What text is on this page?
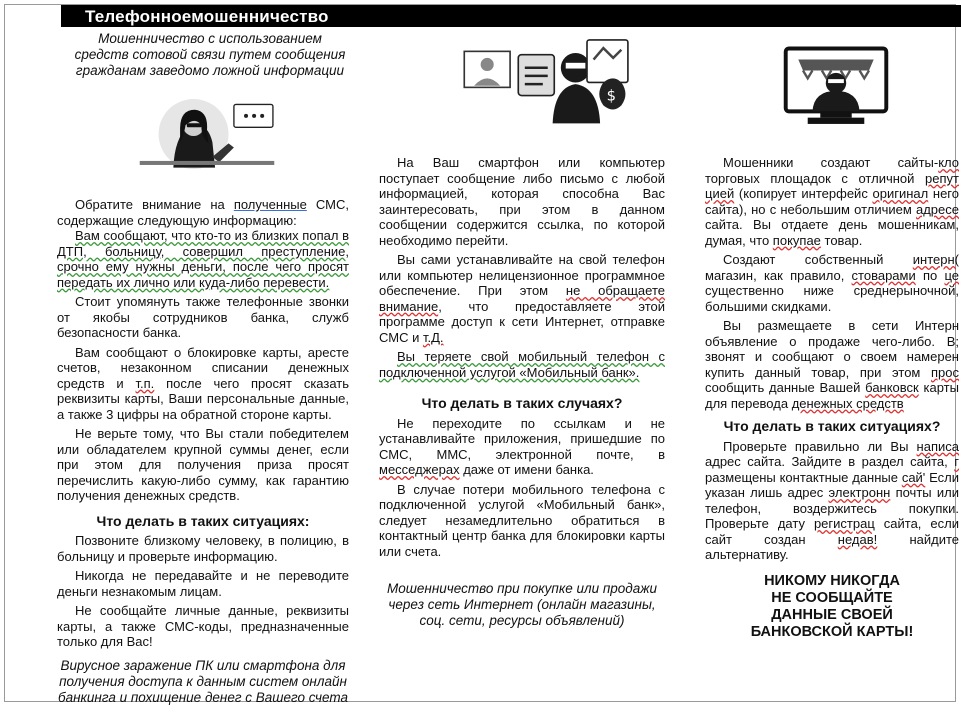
Телефонноемошенничество

Мошенничество с использованием средств сотовой связи путем сообщения гражданам заведомо ложной информации

Обратите внимание на полученные СМС, содержащие следующую информацию:

Вам сообщают, что кто-то из близких попал в ДТП, больницу, совершил преступление, срочно ему нужны деньги, после чего просят передать их лично или куда-либо перевести.

Стоит упомянуть также телефонные звонки от якобы сотрудников банка, служб безопасности банка.

Вам сообщают о блокировке карты, аресте счетов, незаконном списании денежных средств и т.п. после чего просят сказать реквизиты карты, Ваши персональные данные, а также 3 цифры на обратной стороне карты.

Не верьте тому, что Вы стали победителем или обладателем крупной суммы денег, если при этом для получения приза просят перечислить какую-либо сумму, как гарантию получения денежных средств.

Что делать в таких ситуациях:

Позвоните близкому человеку, в полицию, в больницу и проверьте информацию.

Никогда не передавайте и не переводите деньги незнакомым лицам.

Не сообщайте личные данные, реквизиты карты, а также СМС-коды, предназначенные только для Вас!

Вирусное заражение ПК или смартфона для получения доступа к данным систем онлайн банкинга и похищение денег с Вашего счета

$

На Ваш смартфон или компьютер поступает сообщение либо письмо с любой информацией, которая способна Вас заинтересовать, при этом в данном сообщении содержится ссылка, по которой необходимо перейти.

Вы сами устанавливайте на свой телефон или компьютер нелицензионное программное обеспечение. При этом не обращаете внимание, что предоставляете этой программе доступ к сети Интернет, отправке СМС и т.Д.

Вы теряете свой мобильный телефон с подключенной услугой «Мобильный банк».

Что делать в таких случаях?

Не переходите по ссылкам и не устанавливайте приложения, пришедшие по СМС, ММС, электронной почте, в месседжерах даже от имени банка.

В случае потери мобильного телефона с подключенной услугой «Мобильный банк», следует незамедлительно обратиться в контактный центр банка для блокировки карты или счета.

Мошенничество при покупке или продажи через сеть Интернет (онлайн магазины, соц. сети, ресурсы объявлений)

Мошенники создают сайты-кло торговых площадок с отличной репут цией (копирует интерфейс оригинал него сайта), но с небольшим отличием адресе сайта. Вы отдаете день мошенникам, думая, что покупае товар.

Создают собственный интерн( магазин, как правило, стоварами по це существенно ниже среднерыночной, большими скидками.

Вы размещаете в сети Интерн объявление о продаже чего-либо. В; звонят и сообщают о своем намерен купить данный товар, при этом прос сообщить данные Вашей банковск карты для перевода денежных средств

Что делать в таких ситуациях?

Проверьте правильно ли Вы написа адрес сайта. Зайдите в раздел сайта, г размещены контактные данные сай' Если указан лишь адрес электронн почты или телефон, воздержитесь покупки. Проверьте дату регистрац сайта, если сайт создан недав! найдите альтернативу.

НИКОМУ НИКОГДА
НЕ СООБЩАЙТЕ
ДАННЫЕ СВОЕЙ
БАНКОВСКОЙ КАРТЫ!
